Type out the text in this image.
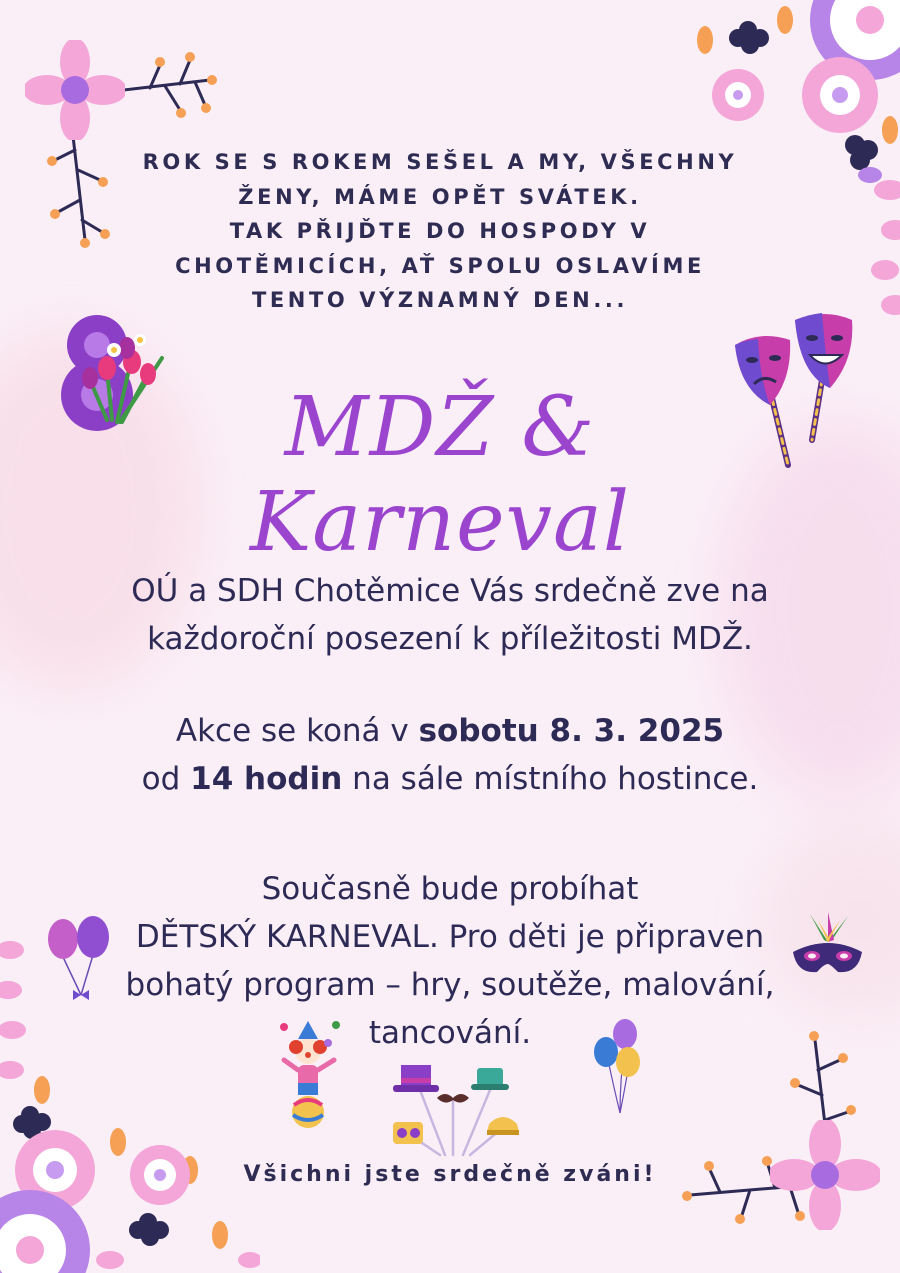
ROK SE S ROKEM SEŠEL A MY, VŠECHNY
ŽENY, MÁME OPĚT SVÁTEK.
TAK PŘIJĎTE DO HOSPODY V
CHOTĚMICÍCH, AŤ SPOLU OSLAVÍME
TENTO VÝZNAMNÝ DEN...
MDŽ & Karneval
OÚ a SDH Chotěmice Vás srdečně zve na
každoroční posezení k příležitosti MDŽ.
Akce se koná v sobotu 8. 3. 2025
od 14 hodin na sále místního hostince.
Současně bude probíhat
DĚTSKÝ KARNEVAL. Pro děti je připraven
bohatý program – hry, soutěže, malování,
tancování.
Všichni jste srdečně zváni!
